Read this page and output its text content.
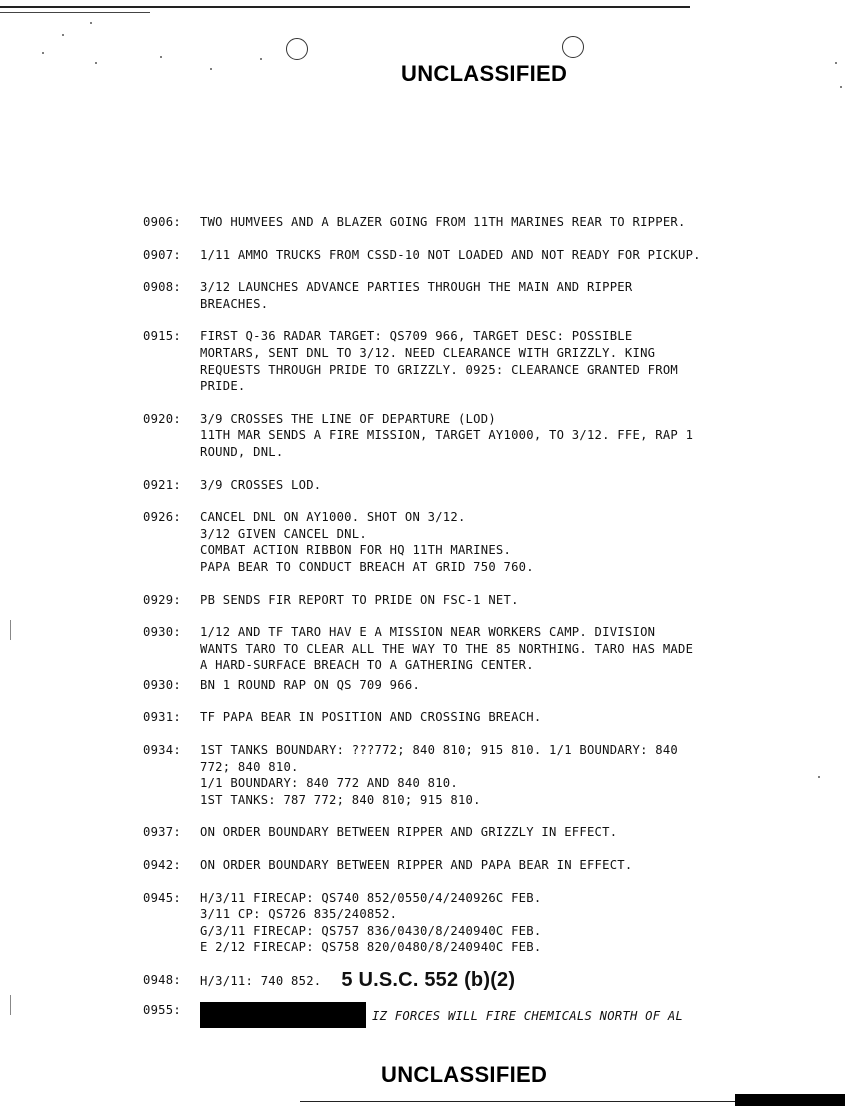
UNCLASSIFIED
0906:	TWO HUMVEES AND A BLAZER GOING FROM 11TH MARINES REAR TO RIPPER.
0907:	1/11 AMMO TRUCKS FROM CSSD-10 NOT LOADED AND NOT READY FOR PICKUP.
0908:	3/12 LAUNCHES ADVANCE PARTIES THROUGH THE MAIN AND RIPPER
BREACHES.
0915:	FIRST Q-36 RADAR TARGET: QS709 966, TARGET DESC: POSSIBLE
MORTARS, SENT DNL TO 3/12. NEED CLEARANCE WITH GRIZZLY. KING
REQUESTS THROUGH PRIDE TO GRIZZLY. 0925: CLEARANCE GRANTED FROM
PRIDE.
0920:	3/9 CROSSES THE LINE OF DEPARTURE (LOD)
11TH MAR SENDS A FIRE MISSION, TARGET AY1000, TO 3/12. FFE, RAP 1
ROUND, DNL.
0921:	3/9 CROSSES LOD.
0926:	CANCEL DNL ON AY1000. SHOT ON 3/12.
3/12 GIVEN CANCEL DNL.
COMBAT ACTION RIBBON FOR HQ 11TH MARINES.
PAPA BEAR TO CONDUCT BREACH AT GRID 750 760.
0929:	PB SENDS FIR REPORT TO PRIDE ON FSC-1 NET.
0930:	1/12 AND TF TARO HAV E A MISSION NEAR WORKERS CAMP. DIVISION
WANTS TARO TO CLEAR ALL THE WAY TO THE 85 NORTHING. TARO HAS MADE
A HARD-SURFACE BREACH TO A GATHERING CENTER.
0930:	BN 1 ROUND RAP ON QS 709 966.
0931:	TF PAPA BEAR IN POSITION AND CROSSING BREACH.
0934:	1ST TANKS BOUNDARY: ???772; 840 810; 915 810. 1/1 BOUNDARY: 840
772; 840 810.
1/1 BOUNDARY: 840 772 AND 840 810.
1ST TANKS: 787 772; 840 810; 915 810.
0937:	ON ORDER BOUNDARY BETWEEN RIPPER AND GRIZZLY IN EFFECT.
0942:	ON ORDER BOUNDARY BETWEEN RIPPER AND PAPA BEAR IN EFFECT.
0945:	H/3/11 FIRECAP: QS740 852/0550/4/240926C FEB.
3/11 CP: QS726 835/240852.
G/3/11 FIRECAP: QS757 836/0430/8/240940C FEB.
E 2/12 FIRECAP: QS758 820/0480/8/240940C FEB.
0948:	H/3/11: 740 852. 5 U.S.C. 552 (b)(2)
0955:	IZ FORCES WILL FIRE CHEMICALS NORTH OF AL
UNCLASSIFIED
